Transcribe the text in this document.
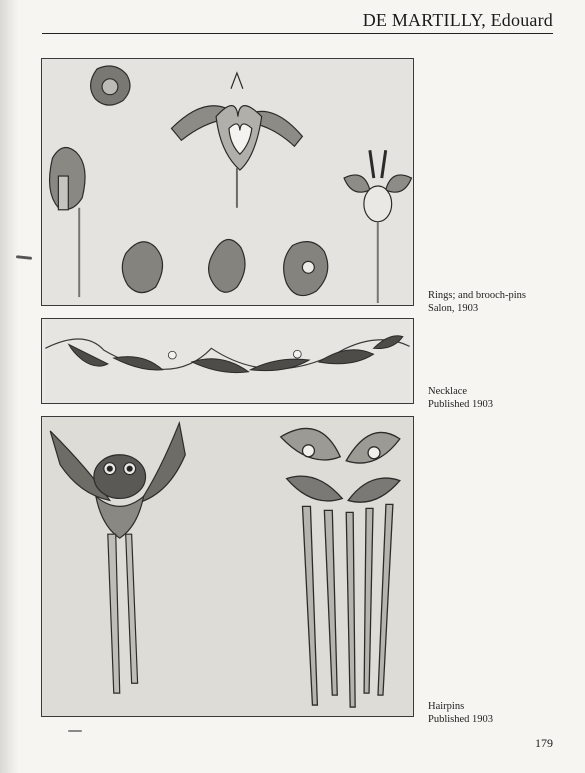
DE MARTILLY, Edouard
Rings; and brooch-pins
Salon, 1903
Necklace
Published 1903
Hairpins
Published 1903
179
